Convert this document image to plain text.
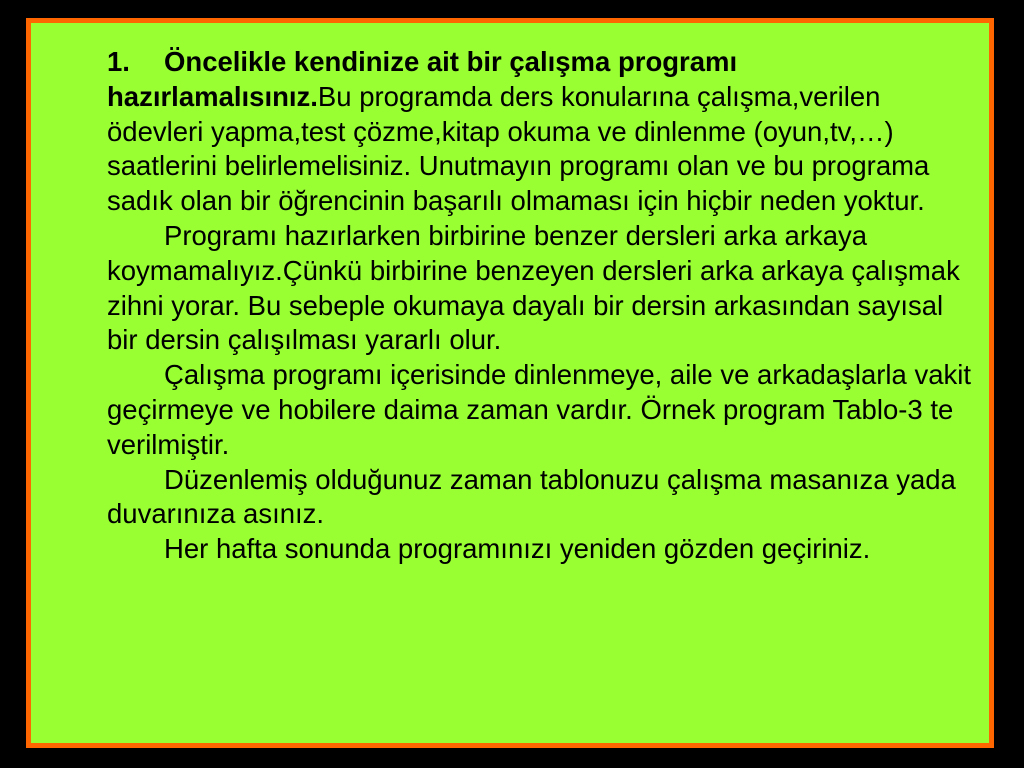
1. Öncelikle kendinize ait bir çalışma programı hazırlamalısınız.Bu programda ders konularına çalışma,verilen ödevleri yapma,test çözme,kitap okuma ve dinlenme (oyun,tv,…) saatlerini belirlemelisiniz. Unutmayın programı olan ve bu programa sadık olan bir öğrencinin başarılı olmaması için hiçbir neden yoktur.

Programı hazırlarken birbirine benzer dersleri arka arkaya koymamalıyız.Çünkü birbirine benzeyen dersleri arka arkaya çalışmak zihni yorar. Bu sebeple okumaya dayalı bir dersin arkasından sayısal bir dersin çalışılması yararlı olur.

Çalışma programı içerisinde dinlenmeye, aile ve arkadaşlarla vakit geçirmeye ve hobilere daima zaman vardır. Örnek program Tablo-3 te verilmiştir.

Düzenlemiş olduğunuz zaman tablonuzu çalışma masanıza yada duvarınıza asınız.

Her hafta sonunda programınızı yeniden gözden geçiriniz.
